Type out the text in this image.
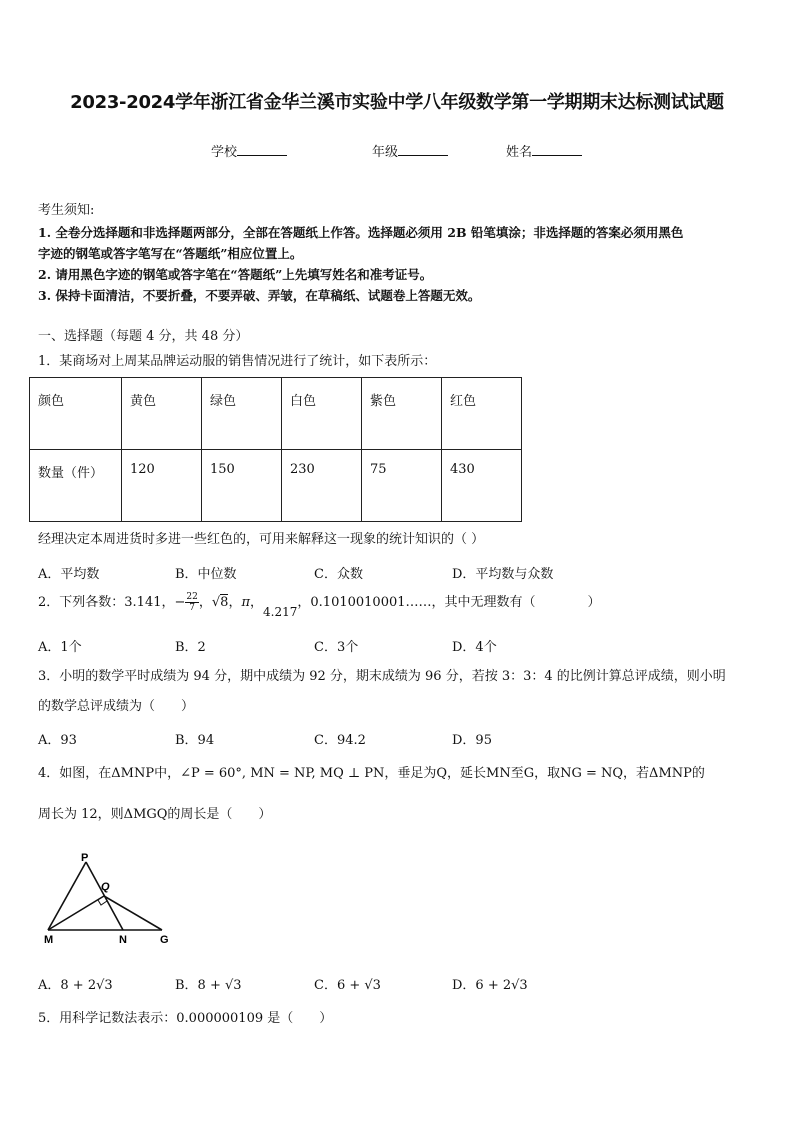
2023-2024学年浙江省金华兰溪市实验中学八年级数学第一学期期末达标测试试题
学校	年级	姓名
考生须知:
1. 全卷分选择题和非选择题两部分，全部在答题纸上作答。选择题必须用 2B 铅笔填涂；非选择题的答案必须用黑色
字迹的钢笔或答字笔写在“答题纸”相应位置上。
2. 请用黑色字迹的钢笔或答字笔在“答题纸”上先填写姓名和准考证号。
3. 保持卡面清洁，不要折叠，不要弄破、弄皱，在草稿纸、试题卷上答题无效。
一、选择题（每题 4 分，共 48 分）
1．某商场对上周某品牌运动服的销售情况进行了统计，如下表所示：
颜色	黄色	绿色	白色	紫色	红色
数量（件）	120	150	230	75	430
经理决定本周进货时多进一些红色的，可用来解释这一现象的统计知识的（ ）
A．平均数	B．中位数	C．众数	D．平均数与众数
2．下列各数：3.141，− $\frac{22}{7}$ ，√8，π，4.217，0.1010010001……，其中无理数有（　　　　）
A．1个	B．2	C．3个	D．4个
3．小明的数学平时成绩为 94 分，期中成绩为 92 分，期末成绩为 96 分，若按 3：3：4 的比例计算总评成绩，则小明
的数学总评成绩为（　　）
A．93	B．94	C．94.2	D．95
4．如图，在ΔMNP中，∠P = 60°, MN = NP, MQ ⊥ PN，垂足为Q，延长MN至G，取NG = NQ，若ΔMNP的
周长为 12，则ΔMGQ的周长是（　　）
P
Q
M	N	G
A．8 + 2√3	B．8 + √3	C．6 + √3	D．6 + 2√3
5．用科学记数法表示：0.000000109 是（　　）
